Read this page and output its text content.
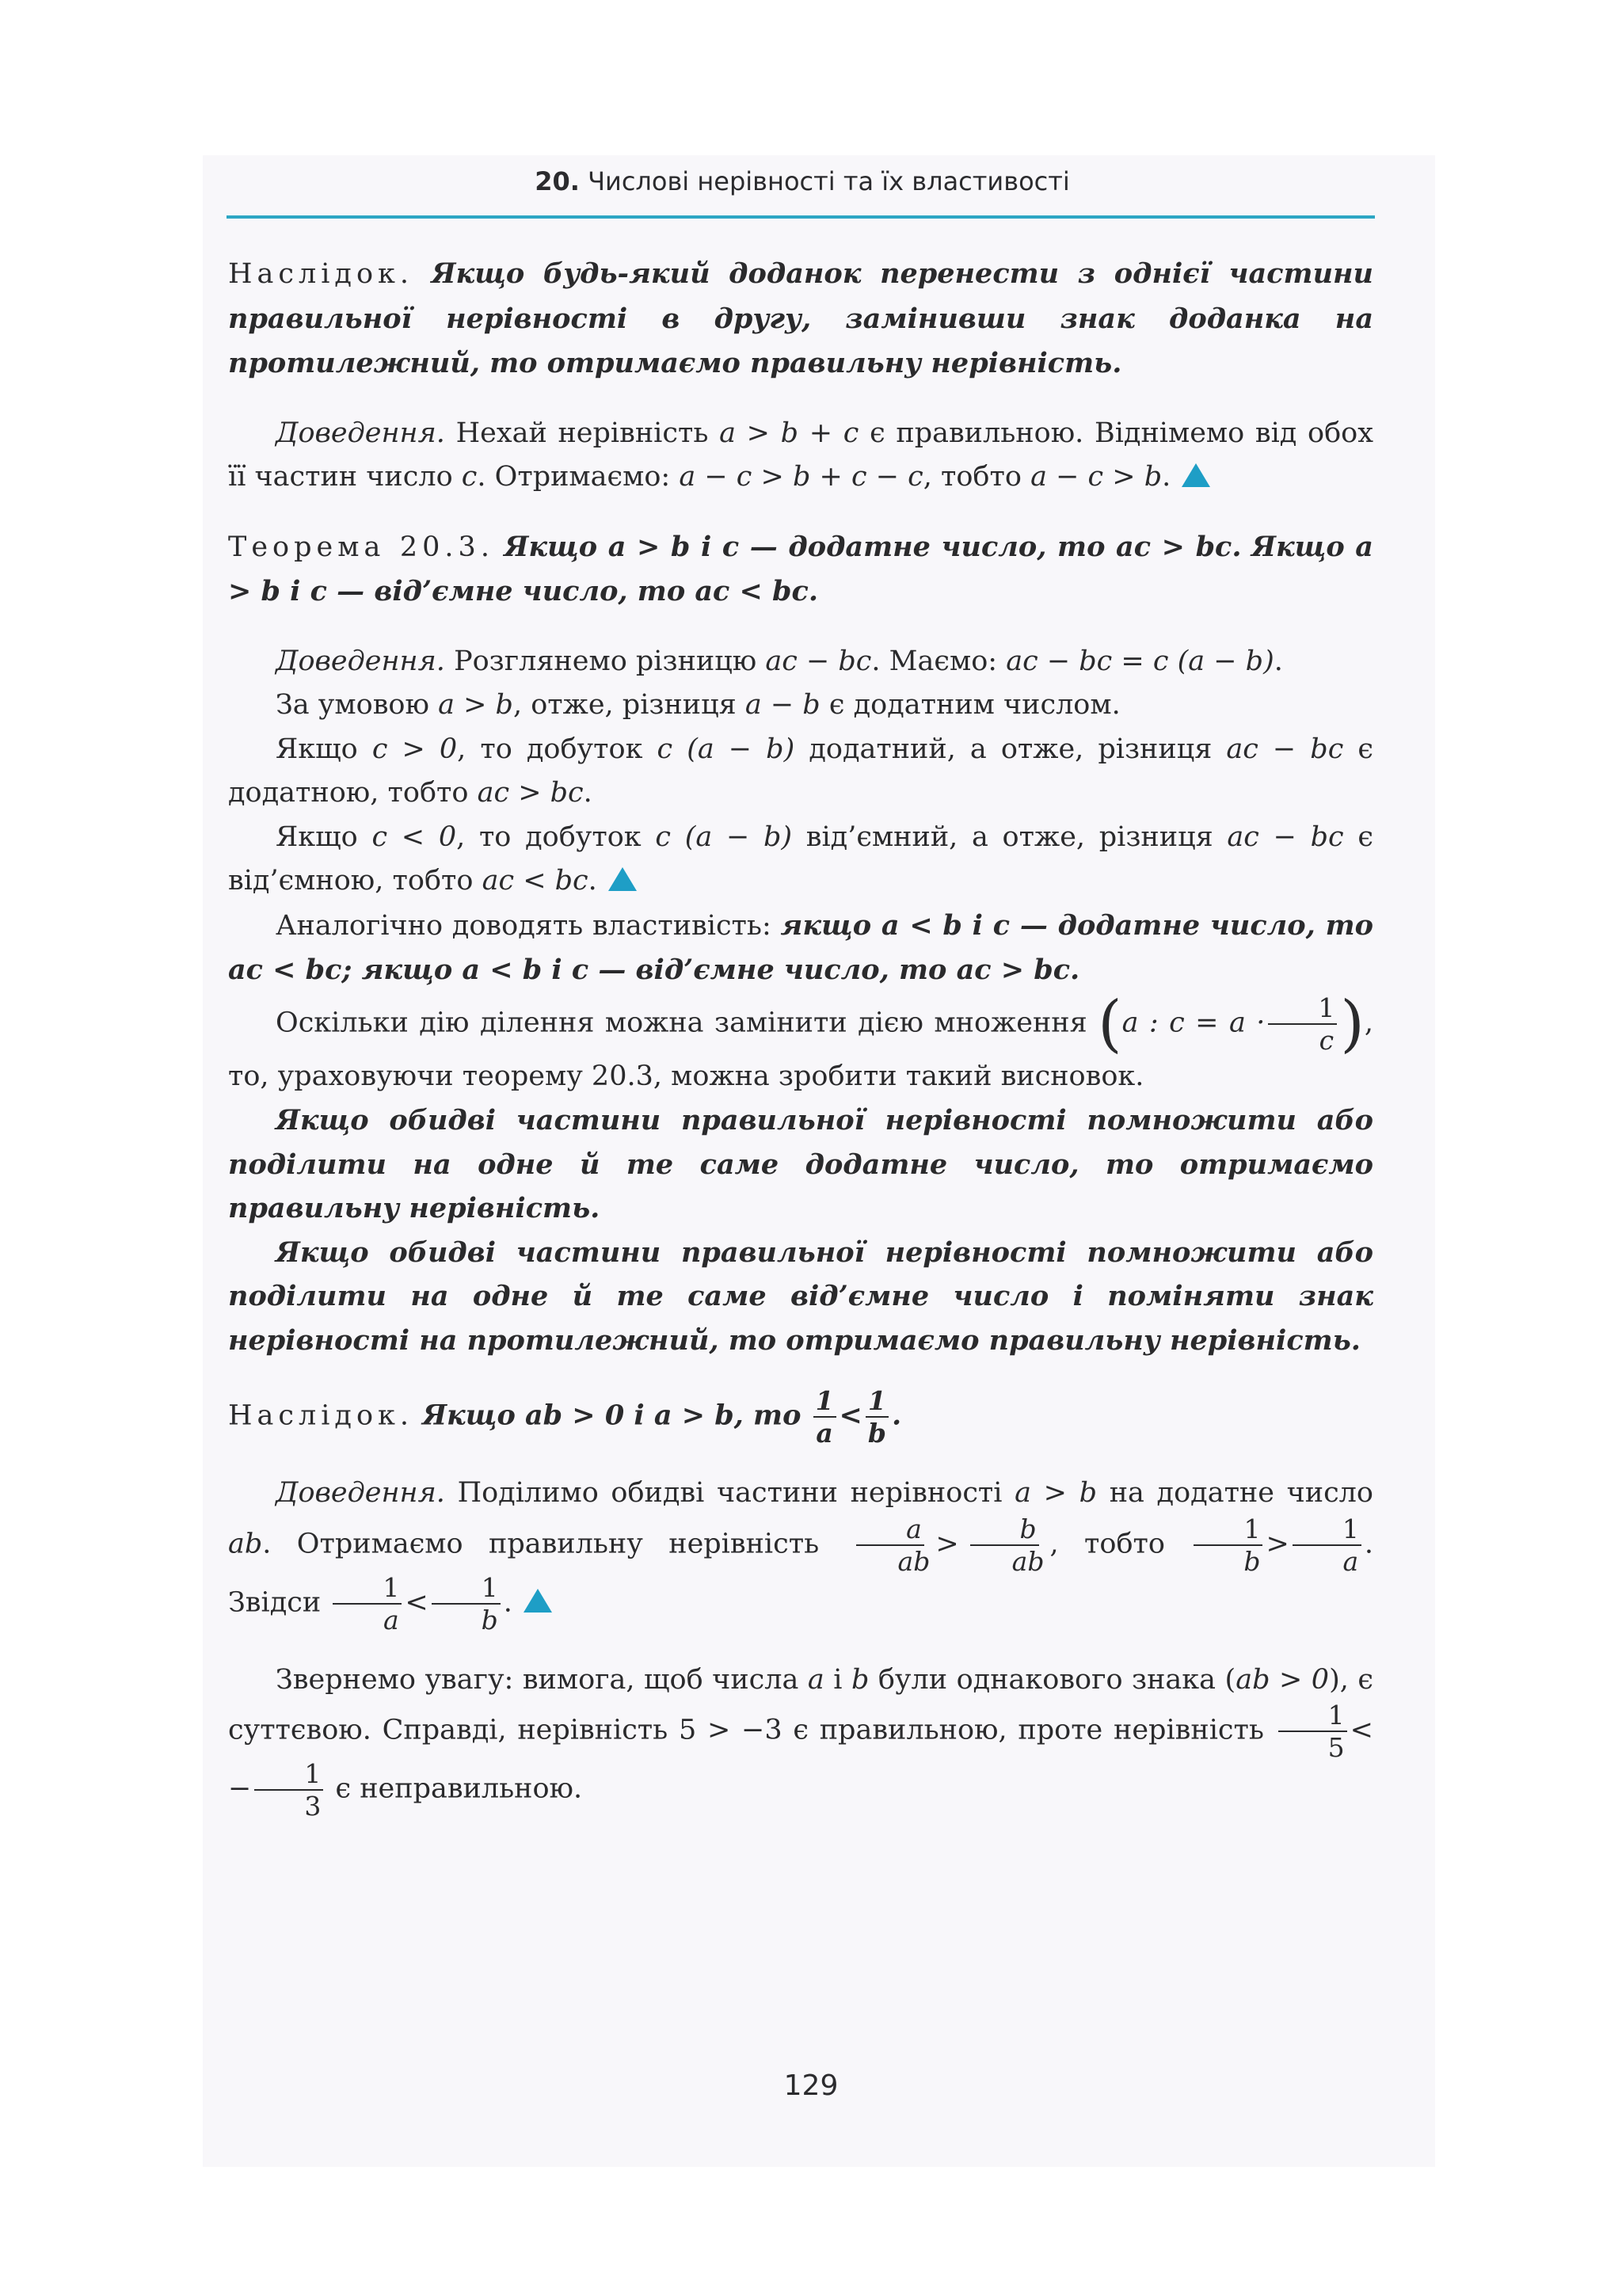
20. Числові нерівності та їх властивості

Наслідок. Якщо будь-який доданок перенести з однієї частини правильної нерівності в другу, замінивши знак доданка на протилежний, то отримаємо правильну нерівність.

Доведення. Нехай нерівність a > b + c є правильною. Віднімемо від обох її частин число c. Отримаємо: a − c > b + c − c, тобто a − c > b.

Теорема 20.3. Якщо a > b і c — додатне число, то ac > bc. Якщо a > b і c — від’ємне число, то ac < bc.

Доведення. Розглянемо різницю ac − bc. Маємо: ac − bc = c (a − b).

За умовою a > b, отже, різниця a − b є додатним числом.

Якщо c > 0, то добуток c (a − b) додатний, а отже, різниця ac − bc є додатною, тобто ac > bc.

Якщо c < 0, то добуток c (a − b) від’ємний, а отже, різниця ac − bc є від’ємною, тобто ac < bc.

Аналогічно доводять властивість: якщо a < b і c — додатне число, то ac < bc; якщо a < b і c — від’ємне число, то ac > bc.

Оскільки дію ділення можна замінити дією множення (a : $c = a \cdot \frac{1}{c}$ ), то, ураховуючи теорему 20.3, можна зробити такий висновок.

Якщо обидві частини правильної нерівності помножити або поділити на одне й те саме додатне число, то отримаємо правильну нерівність.

Якщо обидві частини правильної нерівності помножити або поділити на одне й те саме від’ємне число і поміняти знак нерівності на протилежний, то отримаємо правильну нерівність.

Наслідок. Якщо ab > 0 і a > b, то $\frac{1}{a} < \frac{1}{b}$ .

Доведення. Поділимо обидві частини нерівності a > b на додатне число ab. Отримаємо правильну нерівність $\frac{a}{ab} > \frac{b}{ab}$ , тобто $\frac{1}{b} > \frac{1}{a}$ . Звідси $\frac{1}{a} < \frac{1}{b}$ .

Звернемо увагу: вимога, щоб числа a і b були однакового знака (ab > 0), є суттєвою. Справді, нерівність 5 > −3 є правильною, проте нерівність $\frac{1}{5}$ < − $\frac{1}{3}$ є неправильною.

129
